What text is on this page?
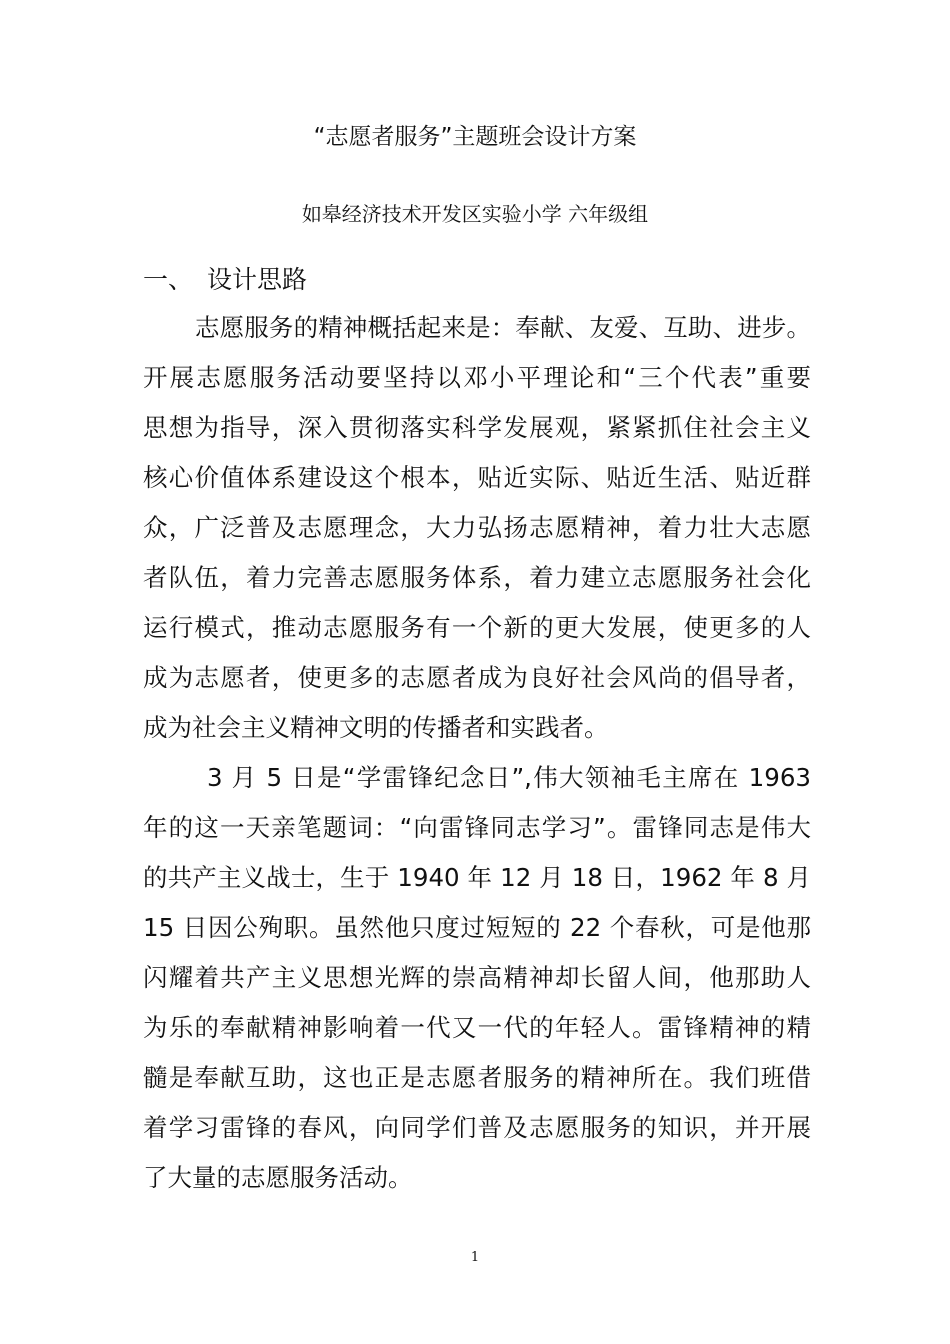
“志愿者服务”主题班会设计方案
如皋经济技术开发区实验小学 六年级组
一、 设计思路
志愿服务的精神概括起来是：奉献、友爱、互助、进步。
开展志愿服务活动要坚持以邓小平理论和“三个代表”重要
思想为指导，深入贯彻落实科学发展观，紧紧抓住社会主义
核心价值体系建设这个根本，贴近实际、贴近生活、贴近群
众，广泛普及志愿理念，大力弘扬志愿精神，着力壮大志愿
者队伍，着力完善志愿服务体系，着力建立志愿服务社会化
运行模式，推动志愿服务有一个新的更大发展，使更多的人
成为志愿者，使更多的志愿者成为良好社会风尚的倡导者，
成为社会主义精神文明的传播者和实践者。
3 月 5 日是“学雷锋纪念日”,伟大领袖毛主席在 1963
年的这一天亲笔题词：“向雷锋同志学习”。雷锋同志是伟大
的共产主义战士，生于 1940 年 12 月 18 日，1962 年 8 月
15 日因公殉职。虽然他只度过短短的 22 个春秋，可是他那
闪耀着共产主义思想光辉的崇高精神却长留人间，他那助人
为乐的奉献精神影响着一代又一代的年轻人。雷锋精神的精
髓是奉献互助，这也正是志愿者服务的精神所在。我们班借
着学习雷锋的春风，向同学们普及志愿服务的知识，并开展
了大量的志愿服务活动。
1
